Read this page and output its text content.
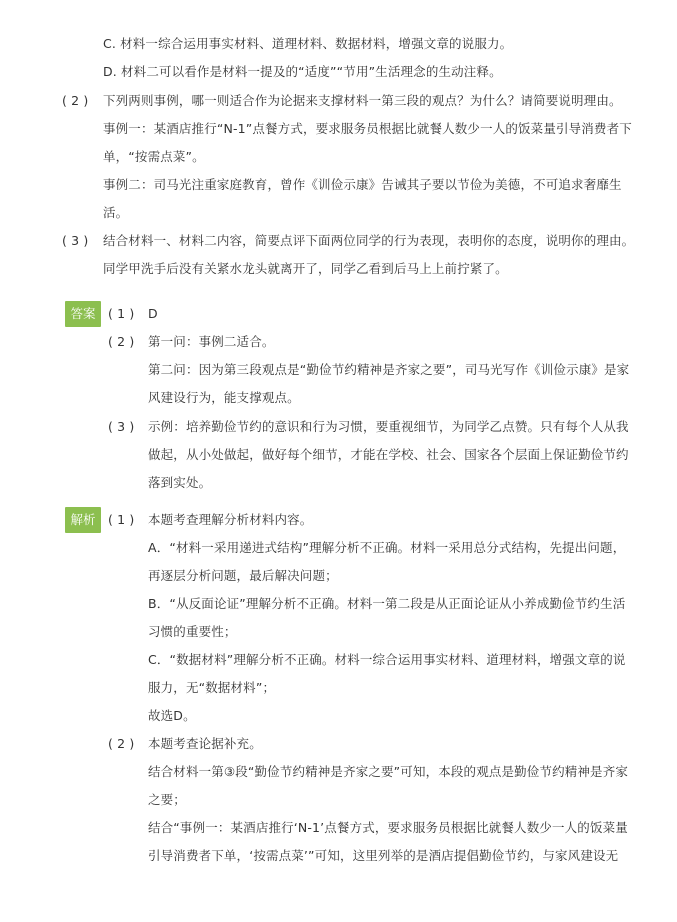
C. 材料一综合运用事实材料、道理材料、数据材料，增强文章的说服力。
D. 材料二可以看作是材料一提及的“适度”“节用”生活理念的生动注释。
( 2 ) 下列两则事例，哪一则适合作为论据来支撑材料一第三段的观点？为什么？请简要说明理由。
事例一：某酒店推行“N-1”点餐方式，要求服务员根据比就餐人数少一人的饭菜量引导消费者下
单，“按需点菜”。
事例二：司马光注重家庭教育，曾作《训俭示康》告诫其子要以节俭为美德，不可追求奢靡生
活。
( 3 ) 结合材料一、材料二内容，简要点评下面两位同学的行为表现，表明你的态度，说明你的理由。
同学甲洗手后没有关紧水龙头就离开了，同学乙看到后马上上前拧紧了。
答案	( 1 ) D
( 2 ) 第一问：事例二适合。
第二问：因为第三段观点是“勤俭节约精神是齐家之要”，司马光写作《训俭示康》是家
风建设行为，能支撑观点。
( 3 ) 示例：培养勤俭节约的意识和行为习惯，要重视细节，为同学乙点赞。只有每个人从我
做起，从小处做起，做好每个细节，才能在学校、社会、国家各个层面上保证勤俭节约
落到实处。
解析	( 1 ) 本题考查理解分析材料内容。
A．“材料一采用递进式结构”理解分析不正确。材料一采用总分式结构，先提出问题，
再逐层分析问题，最后解决问题；
B．“从反面论证”理解分析不正确。材料一第二段是从正面论证从小养成勤俭节约生活
习惯的重要性；
C．“数据材料”理解分析不正确。材料一综合运用事实材料、道理材料，增强文章的说
服力，无“数据材料”；
故选D。
( 2 ) 本题考查论据补充。
结合材料一第③段“勤俭节约精神是齐家之要”可知，本段的观点是勤俭节约精神是齐家
之要；
结合“事例一：某酒店推行‘N-1’点餐方式，要求服务员根据比就餐人数少一人的饭菜量
引导消费者下单，‘按需点菜’”可知，这里列举的是酒店提倡勤俭节约，与家风建设无
